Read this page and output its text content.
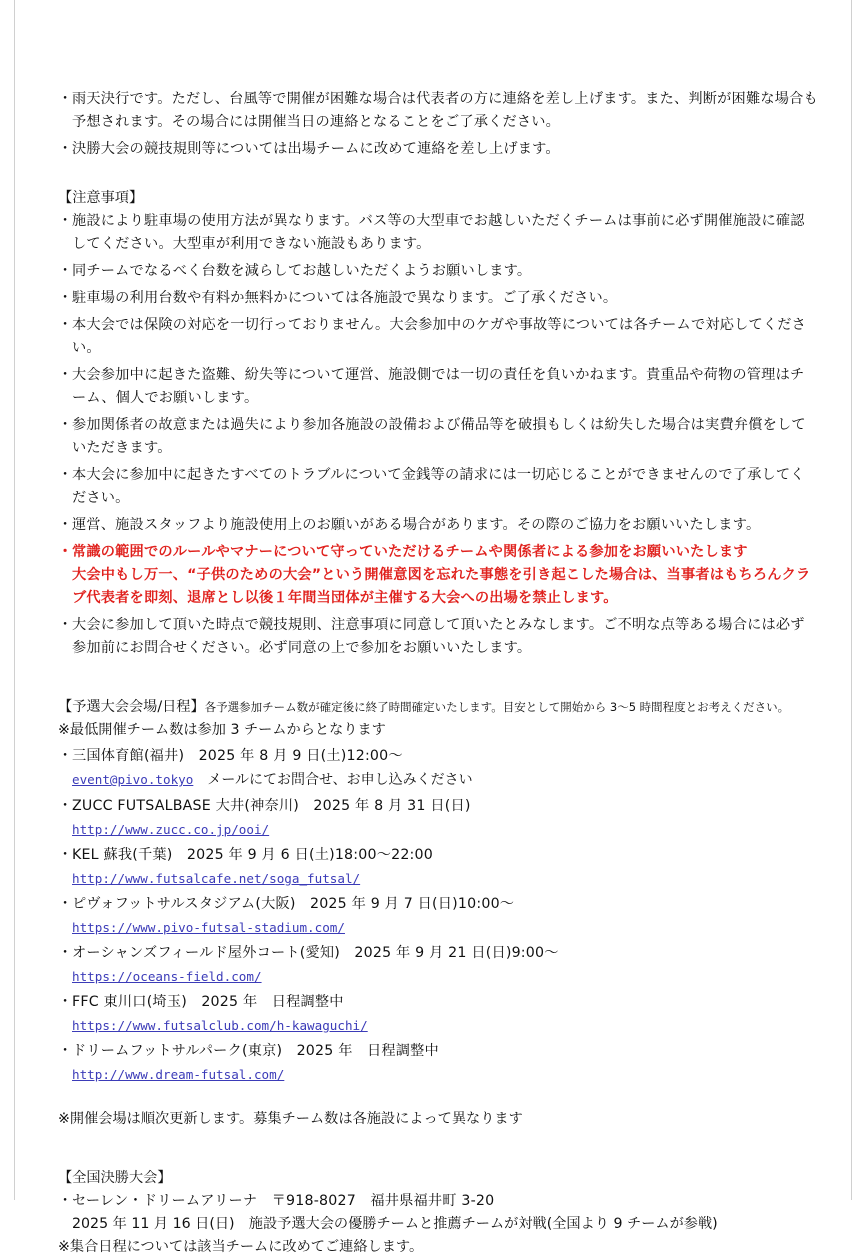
・ 雨天決行です。ただし、台風等で開催が困難な場合は代表者の方に連絡を差し上げます。また、判断が困難な場合も予想されます。その場合には開催当日の連絡となることをご了承ください。
・ 決勝大会の競技規則等については出場チームに改めて連絡を差し上げます。
【注意事項】
・ 施設により駐車場の使用方法が異なります。バス等の大型車でお越しいただくチームは事前に必ず開催施設に確認してください。大型車が利用できない施設もあります。
・ 同チームでなるべく台数を減らしてお越しいただくようお願いします。
・ 駐車場の利用台数や有料か無料かについては各施設で異なります。ご了承ください。
・ 本大会では保険の対応を一切行っておりません。大会参加中のケガや事故等については各チームで対応してください。
・ 大会参加中に起きた盗難、紛失等について運営、施設側では一切の責任を負いかねます。貴重品や荷物の管理はチーム、個人でお願いします。
・ 参加関係者の故意または過失により参加各施設の設備および備品等を破損もしくは紛失した場合は実費弁償をしていただきます。
・ 本大会に参加中に起きたすべてのトラブルについて金銭等の請求には一切応じることができませんので了承してください。
・ 運営、施設スタッフより施設使用上のお願いがある場合があります。その際のご協力をお願いいたします。
・ 常識の範囲でのルールやマナーについて守っていただけるチームや関係者による参加をお願いいたします
大会中もし万一、“子供のための大会”という開催意図を忘れた事態を引き起こした場合は、当事者はもちろんクラブ代表者を即刻、退席とし以後１年間当団体が主催する大会への出場を禁止します。
・ 大会に参加して頂いた時点で競技規則、注意事項に同意して頂いたとみなします。ご不明な点等ある場合には必ず参加前にお問合せください。必ず同意の上で参加をお願いいたします。
【予選大会会場/日程】各予選参加チーム数が確定後に終了時間確定いたします。目安として開始から 3〜5 時間程度とお考えください。
※最低開催チーム数は参加 3 チームからとなります
・ 三国体育館(福井)　2025 年 8 月 9 日(土)12:00〜
event@pivo.tokyo　メールにてお問合せ、お申し込みください
・ ZUCC FUTSALBASE 大井(神奈川)　2025 年 8 月 31 日(日)
http://www.zucc.co.jp/ooi/
・ KEL 蘇我(千葉)　2025 年 9 月 6 日(土)18:00〜22:00
http://www.futsalcafe.net/soga_futsal/
・ ピヴォフットサルスタジアム(大阪)　2025 年 9 月 7 日(日)10:00〜
https://www.pivo-futsal-stadium.com/
・ オーシャンズフィールド屋外コート(愛知)　2025 年 9 月 21 日(日)9:00〜
https://oceans-field.com/
・ FFC 東川口(埼玉)　2025 年　日程調整中
https://www.futsalclub.com/h-kawaguchi/
・ ドリームフットサルパーク(東京)　2025 年　日程調整中
http://www.dream-futsal.com/
※開催会場は順次更新します。募集チーム数は各施設によって異なります
【全国決勝大会】
・ セーレン・ドリームアリーナ　〒918-8027　福井県福井町 3-20
2025 年 11 月 16 日(日)　施設予選大会の優勝チームと推薦チームが対戦(全国より 9 チームが参戦)
※集合日程については該当チームに改めてご連絡します。
